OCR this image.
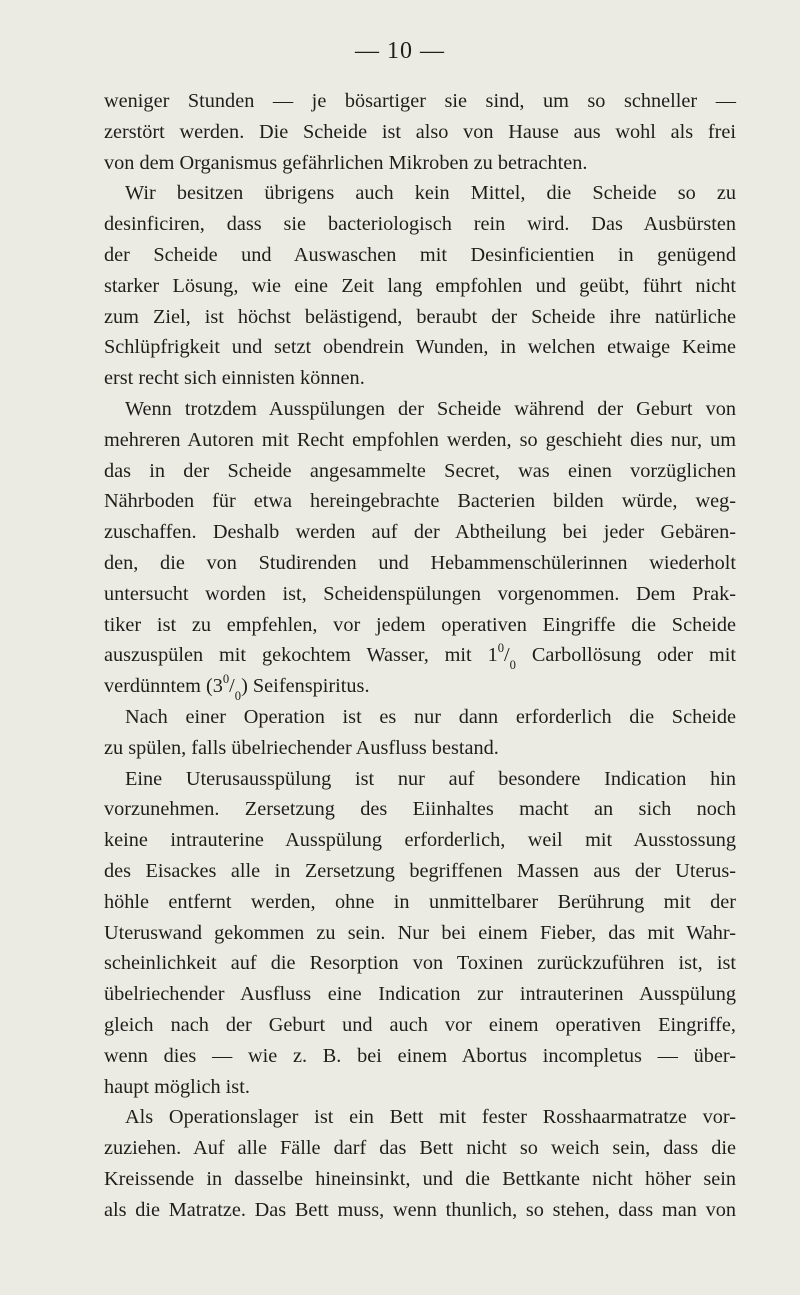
— 10 —
weniger Stunden — je bösartiger sie sind, um so schneller —
zerstört werden. Die Scheide ist also von Hause aus wohl als frei
von dem Organismus gefährlichen Mikroben zu betrachten.
Wir besitzen übrigens auch kein Mittel, die Scheide so zu
desinficiren, dass sie bacteriologisch rein wird. Das Ausbürsten
der Scheide und Auswaschen mit Desinficientien in genügend
starker Lösung, wie eine Zeit lang empfohlen und geübt, führt nicht
zum Ziel, ist höchst belästigend, beraubt der Scheide ihre natürliche
Schlüpfrigkeit und setzt obendrein Wunden, in welchen etwaige Keime
erst recht sich einnisten können.
Wenn trotzdem Ausspülungen der Scheide während der Geburt von
mehreren Autoren mit Recht empfohlen werden, so geschieht dies nur, um
das in der Scheide angesammelte Secret, was einen vorzüglichen
Nährboden für etwa hereingebrachte Bacterien bilden würde, weg-
zuschaffen. Deshalb werden auf der Abtheilung bei jeder Gebären-
den, die von Studirenden und Hebammenschülerinnen wiederholt
untersucht worden ist, Scheidenspülungen vorgenommen. Dem Prak-
tiker ist zu empfehlen, vor jedem operativen Eingriffe die Scheide
auszuspülen mit gekochtem Wasser, mit $1^0/_0$ Carbollösung oder mit
verdünntem $(3^0/_0)$ Seifenspiritus.
Nach einer Operation ist es nur dann erforderlich die Scheide
zu spülen, falls übelriechender Ausfluss bestand.
Eine Uterusausspülung ist nur auf besondere Indication hin
vorzunehmen. Zersetzung des Eiinhaltes macht an sich noch
keine intrauterine Ausspülung erforderlich, weil mit Ausstossung
des Eisackes alle in Zersetzung begriffenen Massen aus der Uterus-
höhle entfernt werden, ohne in unmittelbarer Berührung mit der
Uteruswand gekommen zu sein. Nur bei einem Fieber, das mit Wahr-
scheinlichkeit auf die Resorption von Toxinen zurückzuführen ist, ist
übelriechender Ausfluss eine Indication zur intrauterinen Ausspülung
gleich nach der Geburt und auch vor einem operativen Eingriffe,
wenn dies — wie z. B. bei einem Abortus incompletus — über-
haupt möglich ist.
Als Operationslager ist ein Bett mit fester Rosshaarmatratze vor-
zuziehen. Auf alle Fälle darf das Bett nicht so weich sein, dass die
Kreissende in dasselbe hineinsinkt, und die Bettkante nicht höher sein
als die Matratze. Das Bett muss, wenn thunlich, so stehen, dass man von
